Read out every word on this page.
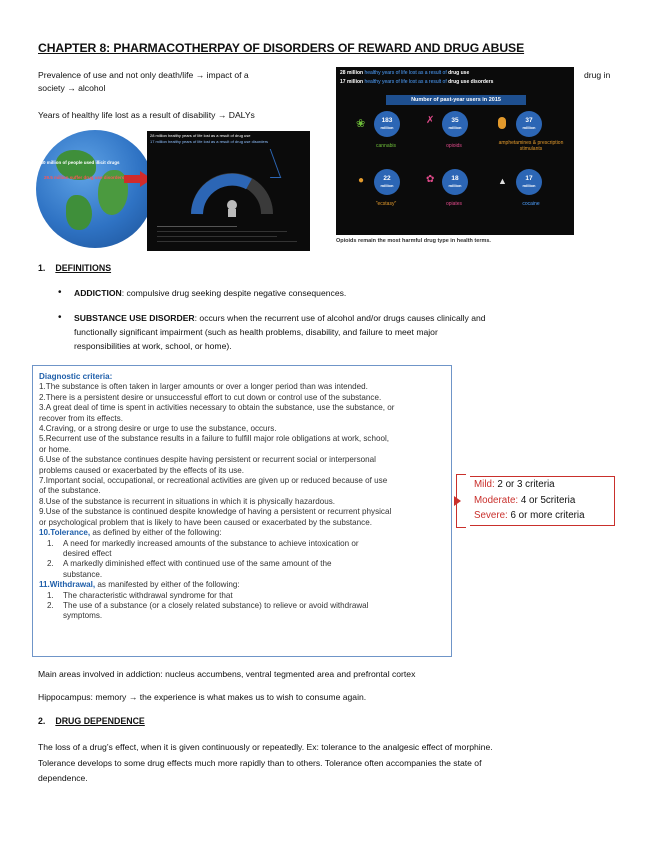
CHAPTER 8: PHARMACOTHERPAY OF DISORDERS OF REWARD AND DRUG ABUSE
Prevalence of use and not only death/life → impact of a
society → alcohol
drug in
Years of healthy life lost as a result of disability → DALYs
250 million of people used illicit drugs
29.5 million suffer drug use disorders
28 million healthy years of life lost as a result of drug use
17 million healthy years of life lost as a result of drug use disorders
28 million healthy years of life lost as a result of drug use
17 million healthy years of life lost as a result of drug use disorders
Number of past-year users in 2015
❀	183
million
cannabis
✗	35
million
opioids
37
million
amphetamines & prescription stimulants
●	22
million
"ecstasy"
✿	18
million
opiates
▲	17
million
cocaine
Opioids remain the most harmful drug type in health terms.
1. DEFINITIONS
• ADDICTION: compulsive drug seeking despite negative consequences.
• SUBSTANCE USE DISORDER: occurs when the recurrent use of alcohol and/or drugs causes clinically and
functionally significant impairment (such as health problems, disability, and failure to meet major
responsibilities at work, school, or home).
Diagnostic criteria:
1.The substance is often taken in larger amounts or over a longer period than was intended.
2.There is a persistent desire or unsuccessful effort to cut down or control use of the substance.
3.A great deal of time is spent in activities necessary to obtain the substance, use the substance, or
recover from its effects.
4.Craving, or a strong desire or urge to use the substance, occurs.
5.Recurrent use of the substance results in a failure to fulfill major role obligations at work, school,
or home.
6.Use of the substance continues despite having persistent or recurrent social or interpersonal
problems caused or exacerbated by the effects of its use.
7.Important social, occupational, or recreational activities are given up or reduced because of use
of the substance.
8.Use of the substance is recurrent in situations in which it is physically hazardous.
9.Use of the substance is continued despite knowledge of having a persistent or recurrent physical
or psychological problem that is likely to have been caused or exacerbated by the substance.
10.Tolerance, as defined by either of the following:
1. A need for markedly increased amounts of the substance to achieve intoxication or
desired effect
2. A markedly diminished effect with continued use of the same amount of the
substance.
11.Withdrawal, as manifested by either of the following:
1. The characteristic withdrawal syndrome for that
2. The use of a substance (or a closely related substance) to relieve or avoid withdrawal
symptoms.
Mild: 2 or 3 criteria
Moderate: 4 or 5criteria
Severe: 6 or more criteria
Main areas involved in addiction: nucleus accumbens, ventral tegmented area and prefrontal cortex
Hippocampus: memory → the experience is what makes us to wish to consume again.
2. DRUG DEPENDENCE
The loss of a drug’s effect, when it is given continuously or repeatedly. Ex: tolerance to the analgesic effect of morphine.
Tolerance develops to some drug effects much more rapidly than to others. Tolerance often accompanies the state of
dependence.
